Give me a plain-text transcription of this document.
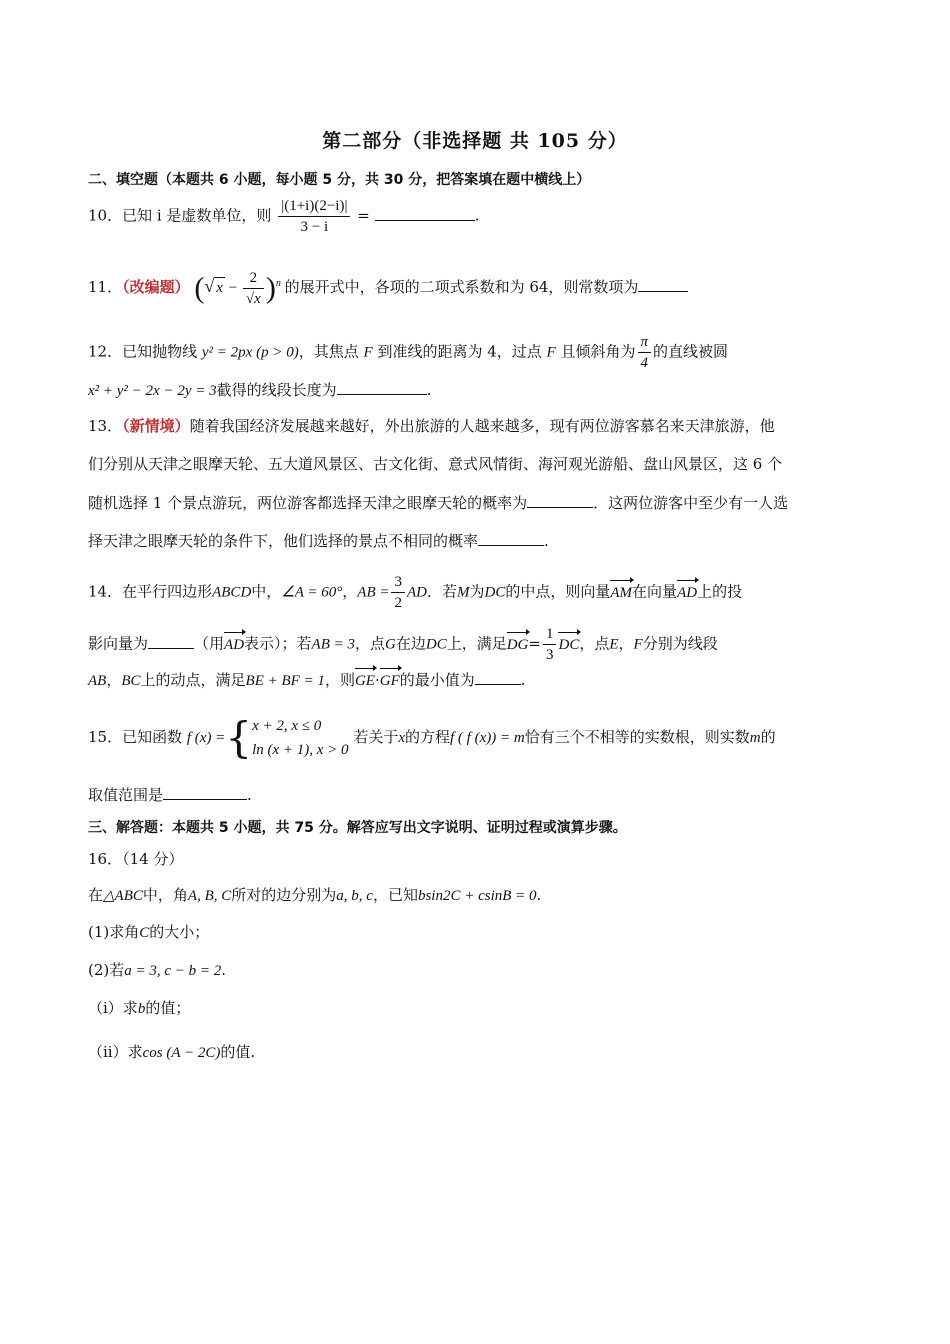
第二部分（非选择题 共 105 分）
二、填空题（本题共 6 小题，每小题 5 分，共 30 分，把答案填在题中横线上）
10．已知 i 是虚数单位，则 $\frac{|(1+i)(2-i)|}{3 - i}$ =	.
11．（改编题） (√ $x - \frac{2}{√x} )^n$ 的展开式中，各项的二项式系数和为 64，则常数项为
12．已知抛物线 y² = 2px (p > 0)，其焦点 F 到准线的距离为 4，过点 F 且倾斜角为 $\frac{\pi}{4}$ 的直线被圆
x² + y² − 2x − 2y = 3截得的线段长度为	.
13．（新情境）随着我国经济发展越来越好，外出旅游的人越来越多，现有两位游客慕名来天津旅游，他
们分别从天津之眼摩天轮、五大道风景区、古文化街、意式风情街、海河观光游船、盘山风景区，这 6 个
随机选择 1 个景点游玩，两位游客都选择天津之眼摩天轮的概率为	．这两位游客中至少有一人选
择天津之眼摩天轮的条件下，他们选择的景点不相同的概率	.
14．在平行四边形ABCD中，∠A = 60°，AB = $\frac{3}{2}$ AD．若M为DC的中点，则向量AM在向量AD上的投
影向量为	（用AD表示）；若AB = 3，点G在边DC上，满足$DG= \frac{1}{3}$ DC，点E，F分别为线段
AB，BC上的动点，满足BE + BF = 1，则GE·GF的最小值为	.
15．已知函数 f (x) ={ x + 2, x ≤ 0
ln (x + 1), x > 0
若关于x的方程f ( f (x)) = m恰有三个不相等的实数根，则实数m的
取值范围是	.
三、解答题：本题共 5 小题，共 75 分。解答应写出文字说明、证明过程或演算步骤。
16．（14 分）
在△ABC中，角A, B, C所对的边分别为a, b, c，已知bsin2C + csinB = 0.
(1)求角C的大小；
(2)若a = 3, c − b = 2.
（i）求b的值；
（ii）求cos (A − 2C)的值.
